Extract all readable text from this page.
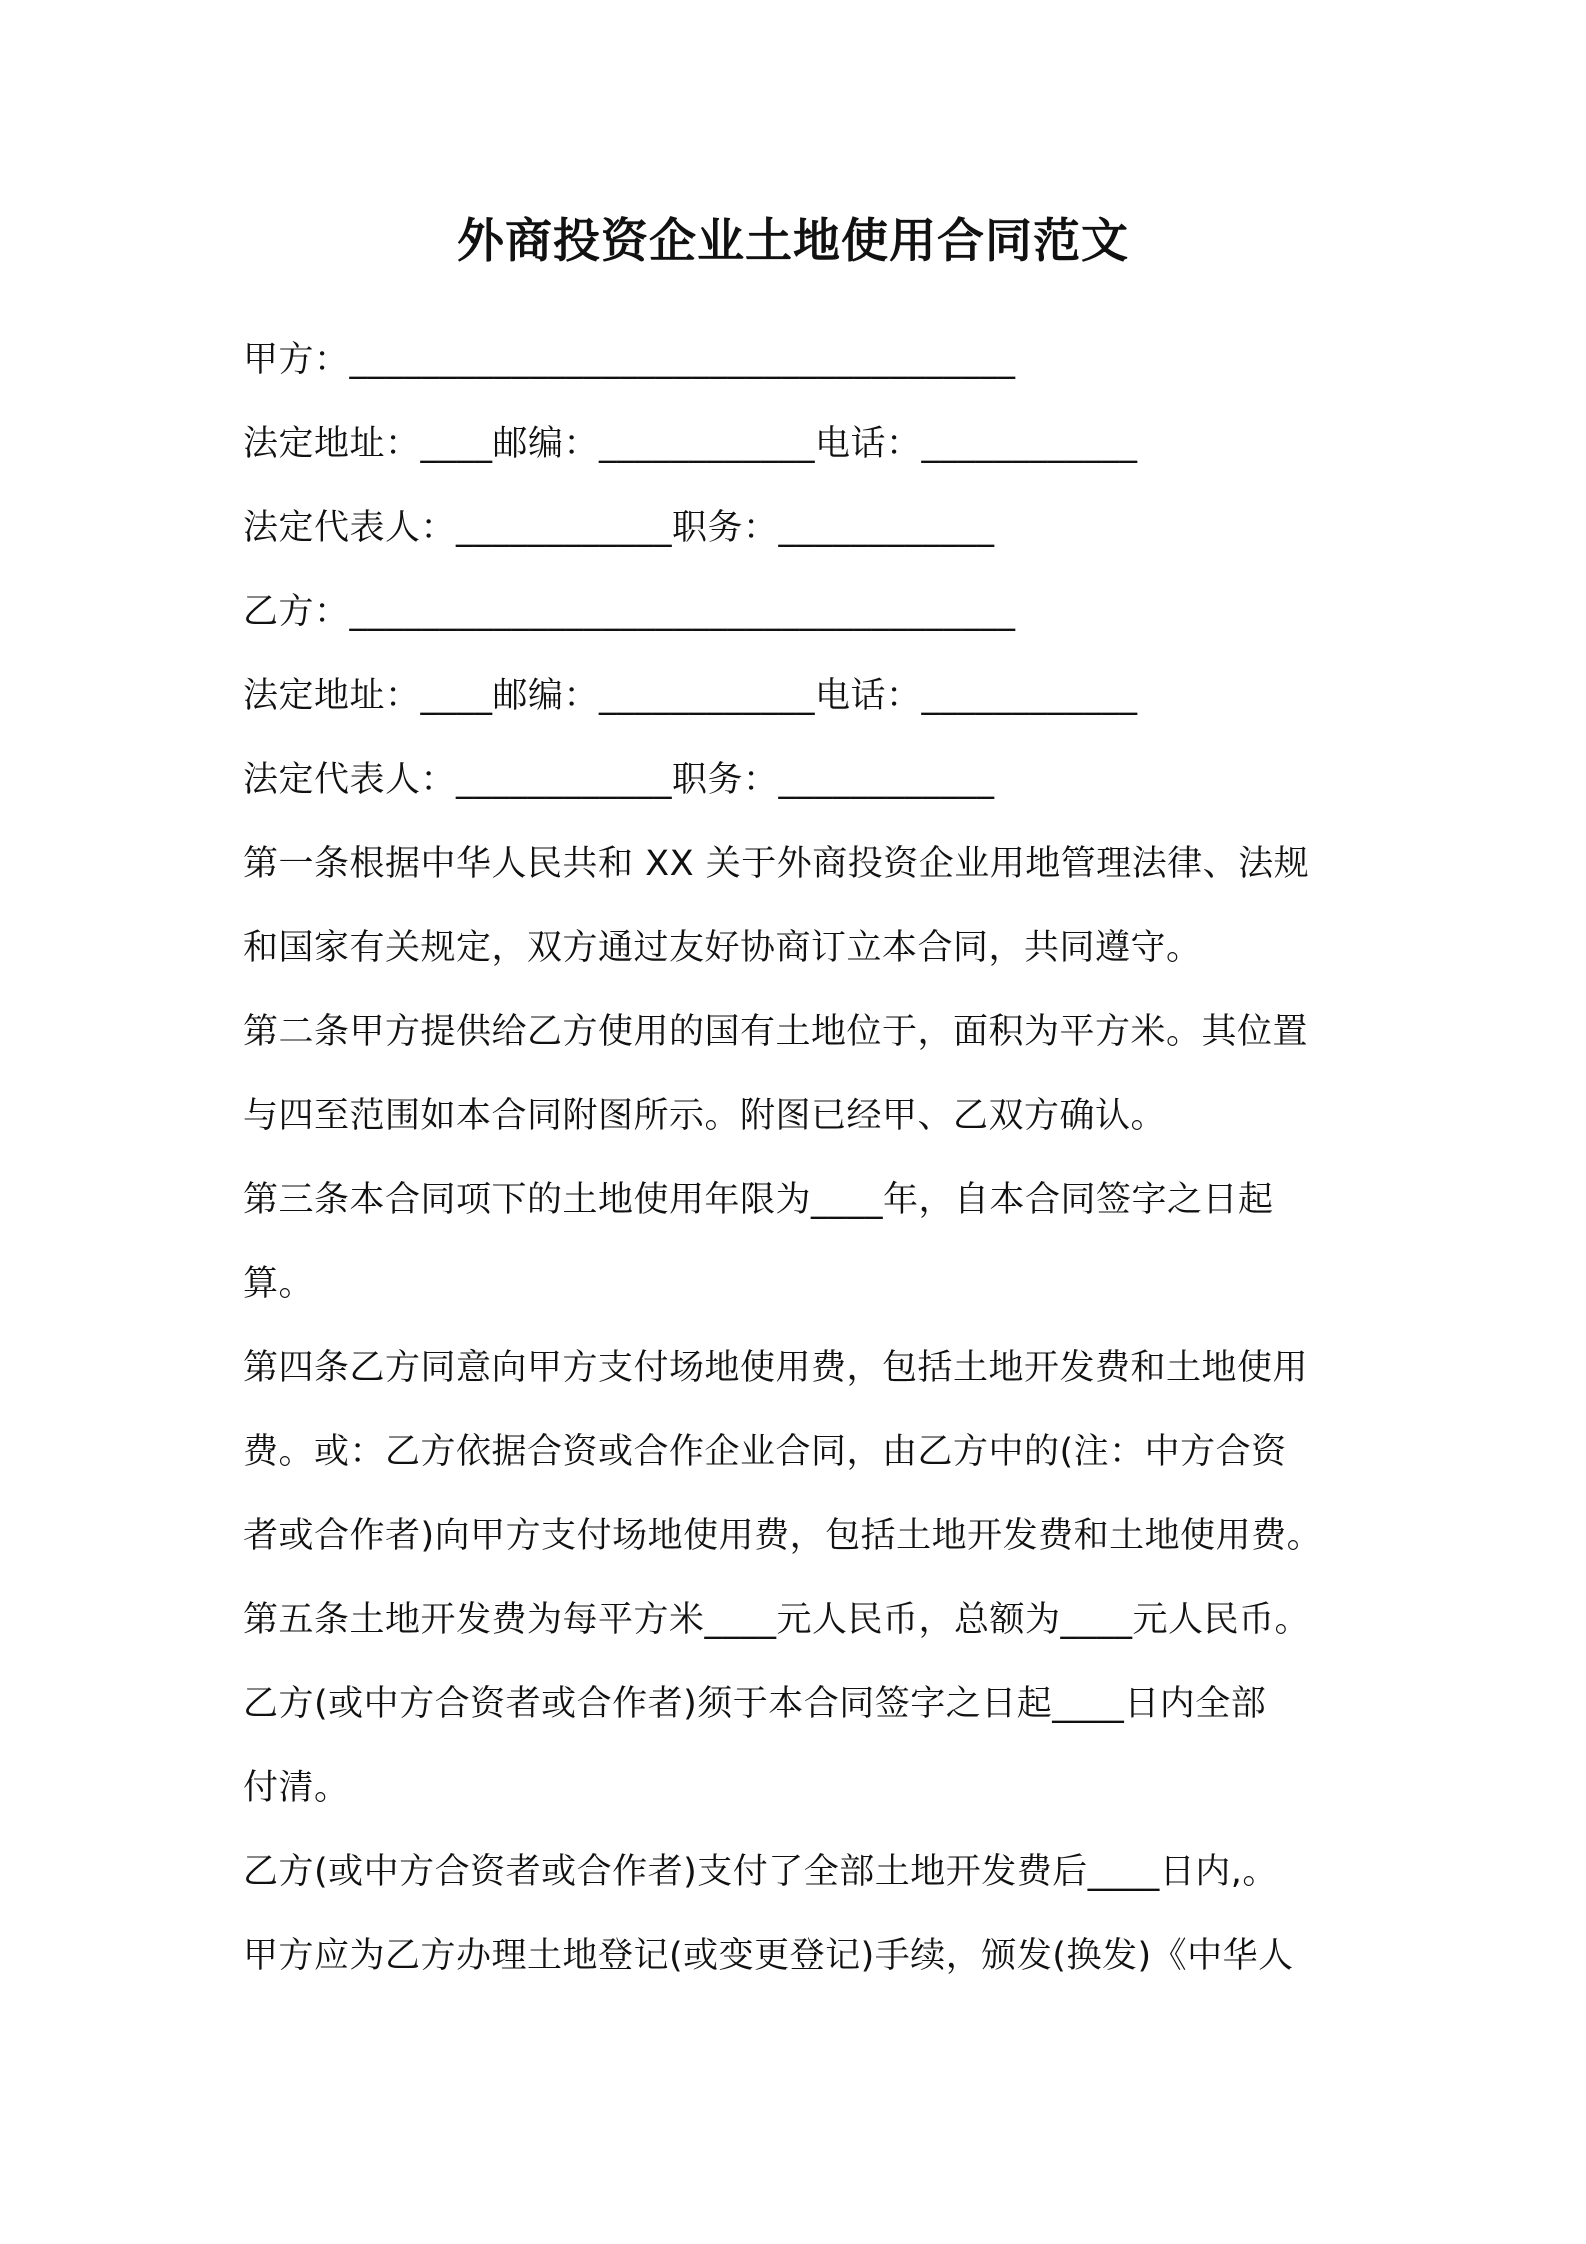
外商投资企业土地使用合同范文
甲方：_____________________________________
法定地址：____邮编：____________电话：____________
法定代表人：____________职务：____________
乙方：_____________________________________
法定地址：____邮编：____________电话：____________
法定代表人：____________职务：____________
第一条根据中华人民共和 XX 关于外商投资企业用地管理法律、法规
和国家有关规定，双方通过友好协商订立本合同，共同遵守。
第二条甲方提供给乙方使用的国有土地位于，面积为平方米。其位置
与四至范围如本合同附图所示。附图已经甲、乙双方确认。
第三条本合同项下的土地使用年限为____年，自本合同签字之日起
算。
第四条乙方同意向甲方支付场地使用费，包括土地开发费和土地使用
费。或：乙方依据合资或合作企业合同，由乙方中的(注：中方合资
者或合作者)向甲方支付场地使用费，包括土地开发费和土地使用费。
第五条土地开发费为每平方米____元人民币，总额为____元人民币。
乙方(或中方合资者或合作者)须于本合同签字之日起____日内全部
付清。
乙方(或中方合资者或合作者)支付了全部土地开发费后____日内,。
甲方应为乙方办理土地登记(或变更登记)手续，颁发(换发)《中华人
